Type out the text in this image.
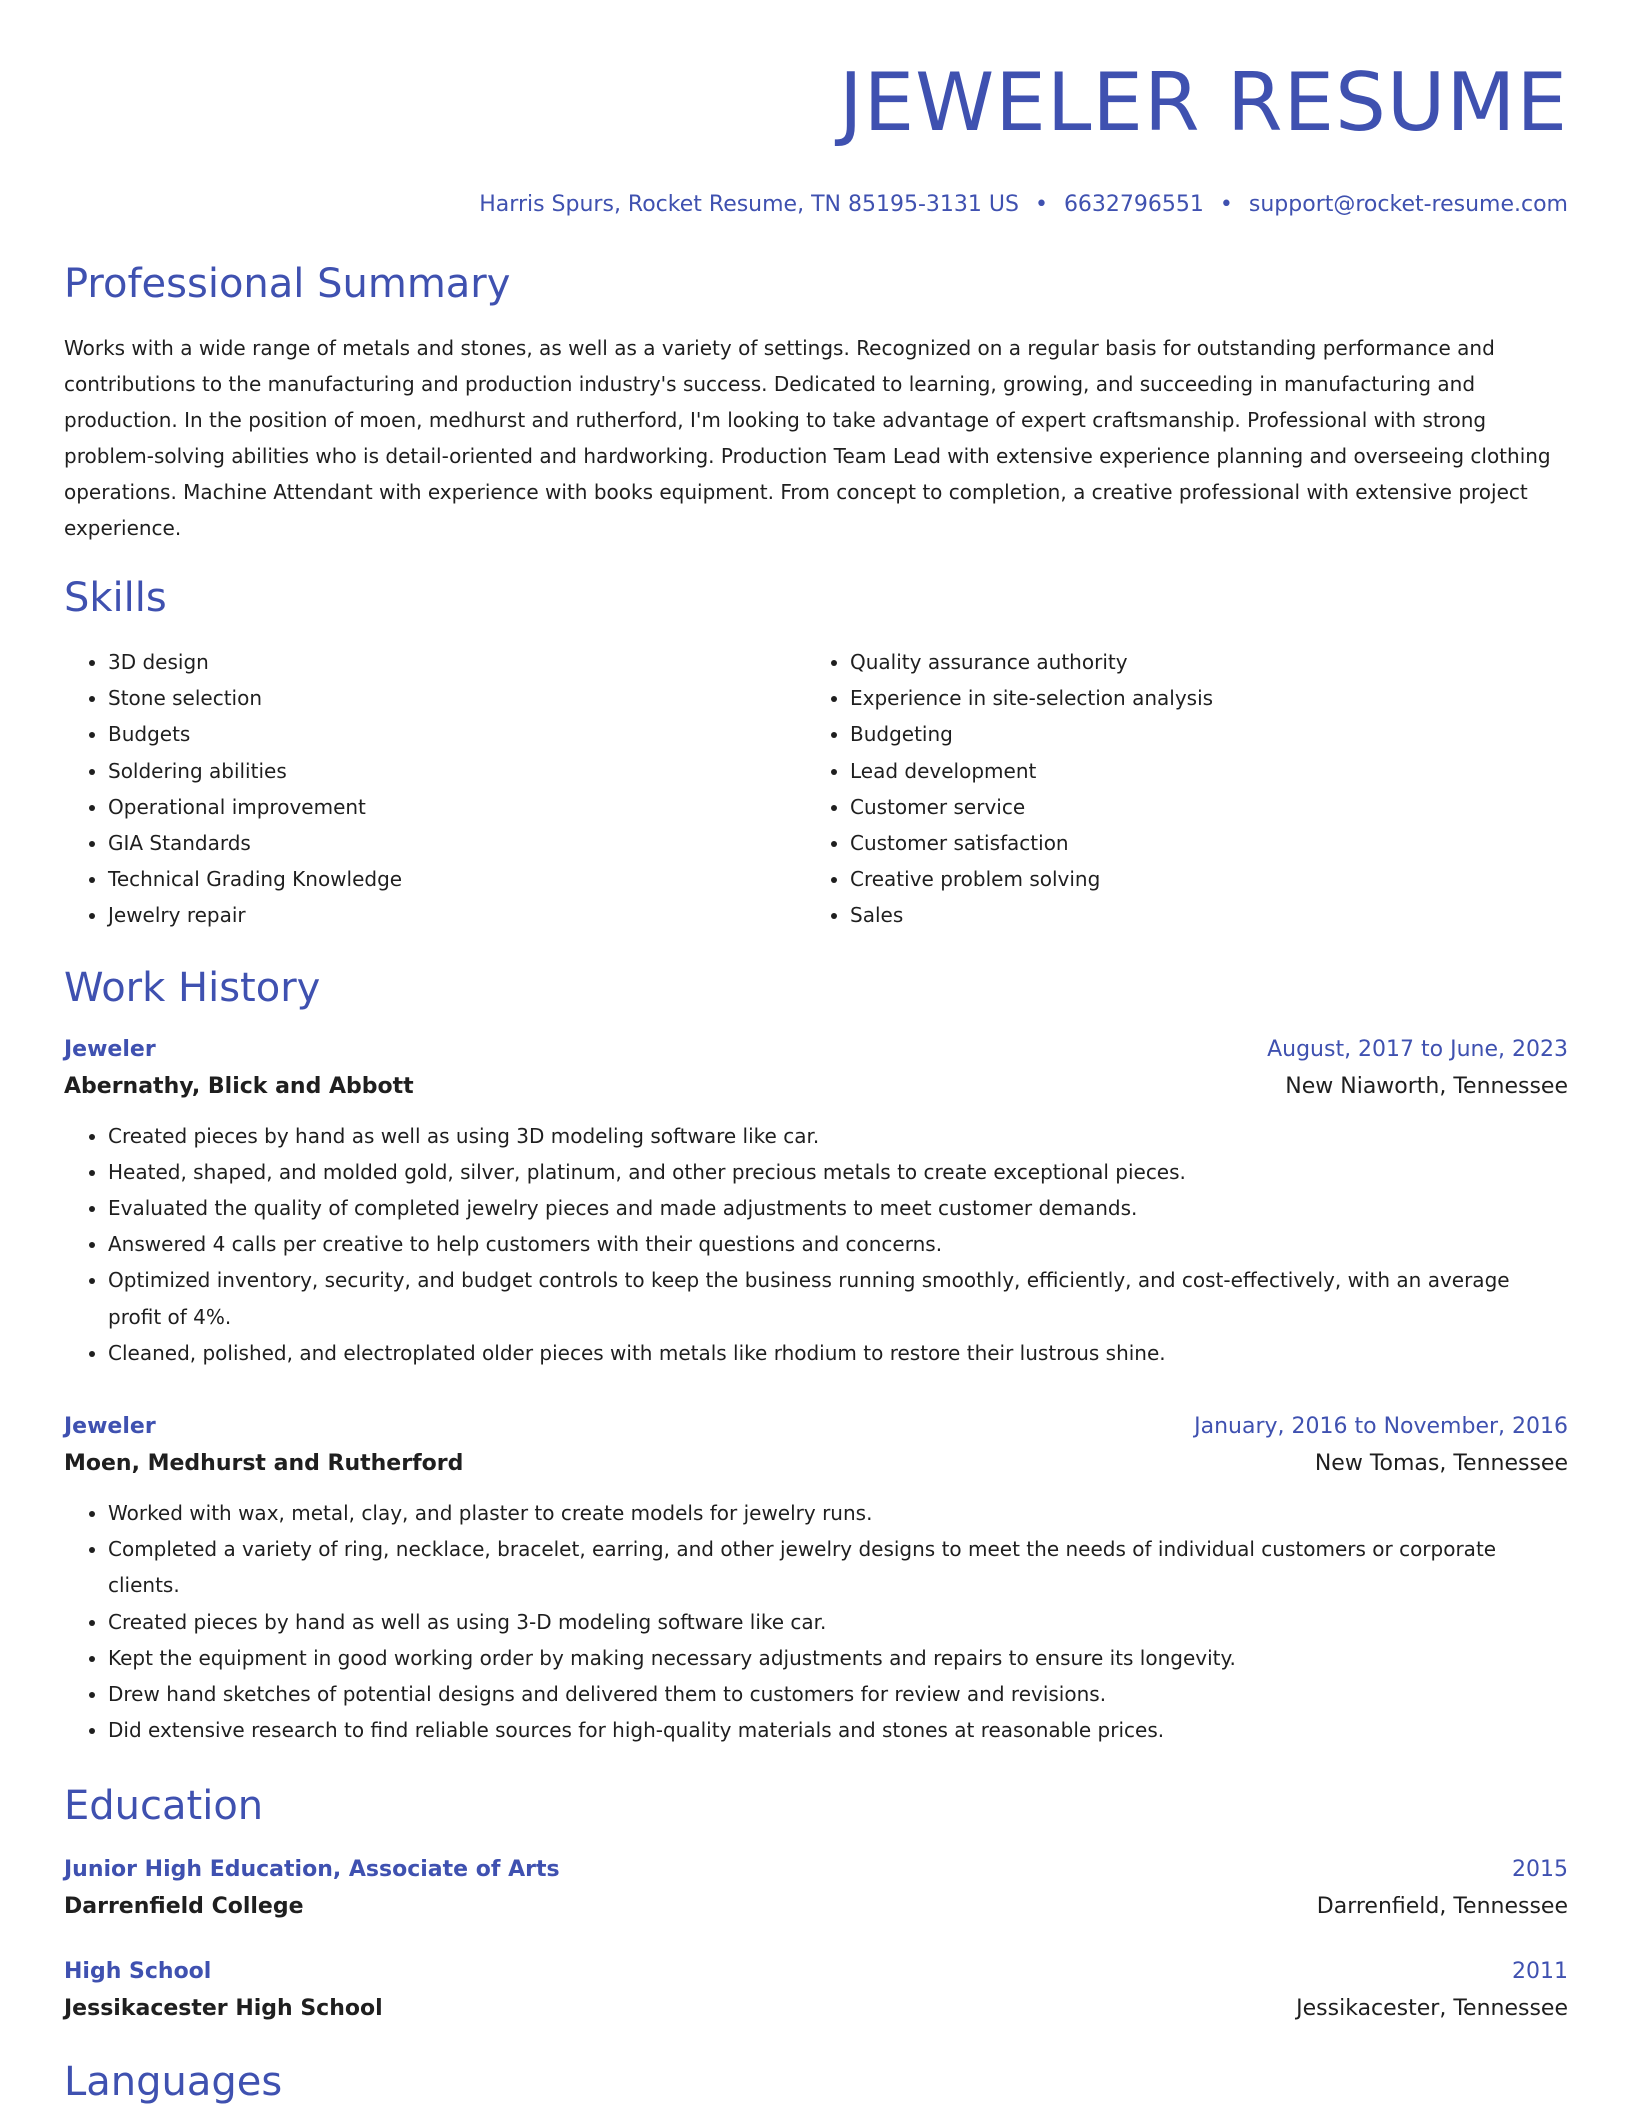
JEWELER RESUME
Harris Spurs, Rocket Resume, TN 85195-3131 US • 6632796551 • support@rocket-resume.com
Professional Summary

Works with a wide range of metals and stones, as well as a variety of settings. Recognized on a regular basis for outstanding performance and contributions to the manufacturing and production industry's success. Dedicated to learning, growing, and succeeding in manufacturing and production. In the position of moen, medhurst and rutherford, I'm looking to take advantage of expert craftsmanship. Professional with strong problem-solving abilities who is detail-oriented and hardworking. Production Team Lead with extensive experience planning and overseeing clothing operations. Machine Attendant with experience with books equipment. From concept to completion, a creative professional with extensive project experience.

Skills
• 3D design
• Stone selection
• Budgets
• Soldering abilities
• Operational improvement
• GIA Standards
• Technical Grading Knowledge
• Jewelry repair
• Quality assurance authority
• Experience in site-selection analysis
• Budgeting
• Lead development
• Customer service
• Customer satisfaction
• Creative problem solving
• Sales
Work History
Jeweler	August, 2017 to June, 2023
Abernathy, Blick and Abbott	New Niaworth, Tennessee
• Created pieces by hand as well as using 3D modeling software like car.
• Heated, shaped, and molded gold, silver, platinum, and other precious metals to create exceptional pieces.
• Evaluated the quality of completed jewelry pieces and made adjustments to meet customer demands.
• Answered 4 calls per creative to help customers with their questions and concerns.
• Optimized inventory, security, and budget controls to keep the business running smoothly, efficiently, and cost-effectively, with an average profit of 4%.
• Cleaned, polished, and electroplated older pieces with metals like rhodium to restore their lustrous shine.
Jeweler	January, 2016 to November, 2016
Moen, Medhurst and Rutherford	New Tomas, Tennessee
• Worked with wax, metal, clay, and plaster to create models for jewelry runs.
• Completed a variety of ring, necklace, bracelet, earring, and other jewelry designs to meet the needs of individual customers or corporate clients.
• Created pieces by hand as well as using 3-D modeling software like car.
• Kept the equipment in good working order by making necessary adjustments and repairs to ensure its longevity.
• Drew hand sketches of potential designs and delivered them to customers for review and revisions.
• Did extensive research to find reliable sources for high-quality materials and stones at reasonable prices.
Education
Junior High Education, Associate of Arts	2015
Darrenfield College	Darrenfield, Tennessee
High School	2011
Jessikacester High School	Jessikacester, Tennessee
Languages
